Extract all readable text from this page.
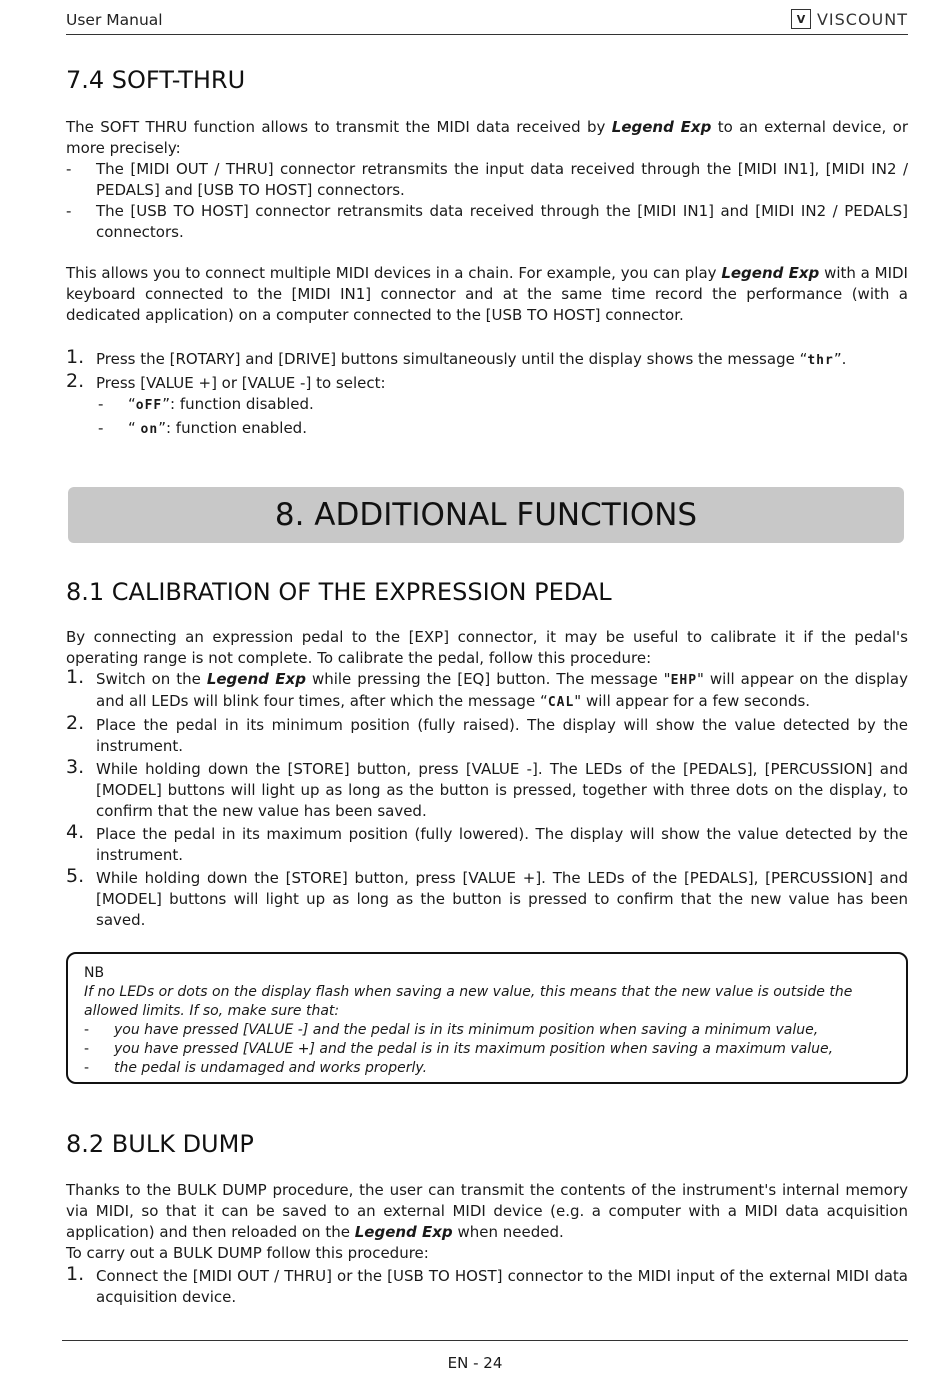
User Manual	V VISCOUNT
7.4 SOFT-THRU

The SOFT THRU function allows to transmit the MIDI data received by Legend Exp to an external device, or more precisely:

- The [MIDI OUT / THRU] connector retransmits the input data received through the [MIDI IN1], [MIDI IN2 / PEDALS] and [USB TO HOST] connectors.
- The [USB TO HOST] connector retransmits data received through the [MIDI IN1] and [MIDI IN2 / PEDALS] connectors.

This allows you to connect multiple MIDI devices in a chain. For example, you can play Legend Exp with a MIDI keyboard connected to the [MIDI IN1] connector and at the same time record the performance (with a dedicated application) on a computer connected to the [USB TO HOST] connector.

1. Press the [ROTARY] and [DRIVE] buttons simultaneously until the display shows the message “thr”.
2. Press [VALUE +] or [VALUE -] to select:
- “oFF”: function disabled.
- “ on”: function enabled.
8. ADDITIONAL FUNCTIONS
8.1 CALIBRATION OF THE EXPRESSION PEDAL

By connecting an expression pedal to the [EXP] connector, it may be useful to calibrate it if the pedal's operating range is not complete. To calibrate the pedal, follow this procedure:

1. Switch on the Legend Exp while pressing the [EQ] button. The message "EHP" will appear on the display and all LEDs will blink four times, after which the message “CAL" will appear for a few seconds.
2. Place the pedal in its minimum position (fully raised). The display will show the value detected by the instrument.
3. While holding down the [STORE] button, press [VALUE -]. The LEDs of the [PEDALS], [PERCUSSION] and [MODEL] buttons will light up as long as the button is pressed, together with three dots on the display, to confirm that the new value has been saved.
4. Place the pedal in its maximum position (fully lowered). The display will show the value detected by the instrument.
5. While holding down the [STORE] button, press [VALUE +]. The LEDs of the [PEDALS], [PERCUSSION] and [MODEL] buttons will light up as long as the button is pressed to confirm that the new value has been saved.

NB

If no LEDs or dots on the display flash when saving a new value, this means that the new value is outside the allowed limits. If so, make sure that:

- you have pressed [VALUE -] and the pedal is in its minimum position when saving a minimum value,
- you have pressed [VALUE +] and the pedal is in its maximum position when saving a maximum value,
- the pedal is undamaged and works properly.
8.2 BULK DUMP

Thanks to the BULK DUMP procedure, the user can transmit the contents of the instrument's internal memory via MIDI, so that it can be saved to an external MIDI device (e.g. a computer with a MIDI data acquisition application) and then reloaded on the Legend Exp when needed.
To carry out a BULK DUMP follow this procedure:

1. Connect the [MIDI OUT / THRU] or the [USB TO HOST] connector to the MIDI input of the external MIDI data acquisition device.
EN - 24
